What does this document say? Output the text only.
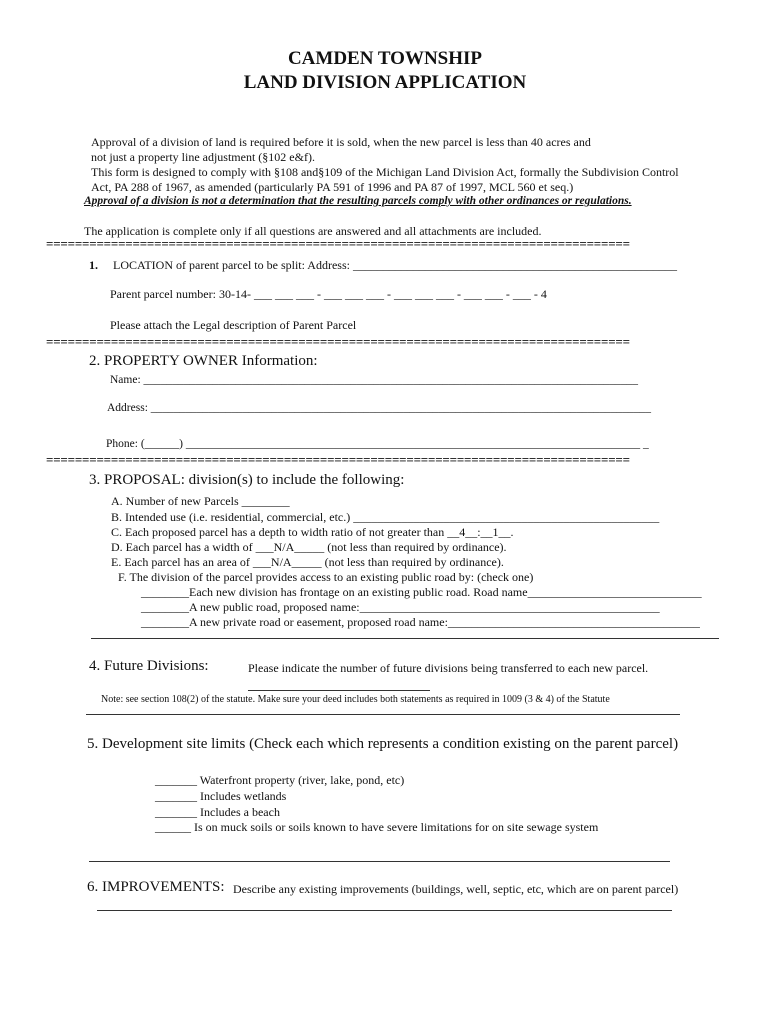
CAMDEN TOWNSHIP
LAND DIVISION APPLICATION
Approval of a division of land is required before it is sold, when the new parcel is less than 40 acres and
not just a property line adjustment (§102 e&f).
This form is designed to comply with §108 and§109 of the Michigan Land Division Act, formally the Subdivision Control
Act, PA 288 of 1967, as amended (particularly PA 591 of 1996 and PA 87 of 1997, MCL 560 et seq.)
Approval of a division is not a determination that the resulting parcels comply with other ordinances or regulations.
The application is complete only if all questions are answered and all attachments are included.
=================================================================================
1. LOCATION of parent parcel to be split: Address: ______________________________________________________
Parent parcel number: 30-14- ___ ___ ___ - ___ ___ ___ - ___ ___ ___ - ___ ___ - ___ - 4
Please attach the Legal description of Parent Parcel
=================================================================================
2. PROPERTY OWNER Information:
Name: ______________________________________________________________________________________
Address: _______________________________________________________________________________________
Phone: (______) _______________________________________________________________________________ _
=================================================================================
3. PROPOSAL: division(s) to include the following:
A. Number of new Parcels ________
B. Intended use (i.e. residential, commercial, etc.) ___________________________________________________
C. Each proposed parcel has a depth to width ratio of not greater than __4__:__1__.
D. Each parcel has a width of ___N/A_____ (not less than required by ordinance).
E. Each parcel has an area of ___N/A_____ (not less than required by ordinance).
F. The division of the parcel provides access to an existing public road by: (check one)
________Each new division has frontage on an existing public road. Road name_____________________________
________A new public road, proposed name:__________________________________________________
________A new private road or easement, proposed road name:__________________________________________
4. Future Divisions:	Please indicate the number of future divisions being transferred to each new parcel.
Note: see section 108(2) of the statute. Make sure your deed includes both statements as required in 1009 (3 & 4) of the Statute
5. Development site limits (Check each which represents a condition existing on the parent parcel)
_______ Waterfront property (river, lake, pond, etc)
_______ Includes wetlands
_______ Includes a beach
______ Is on muck soils or soils known to have severe limitations for on site sewage system
6. IMPROVEMENTS: Describe any existing improvements (buildings, well, septic, etc, which are on parent parcel)
